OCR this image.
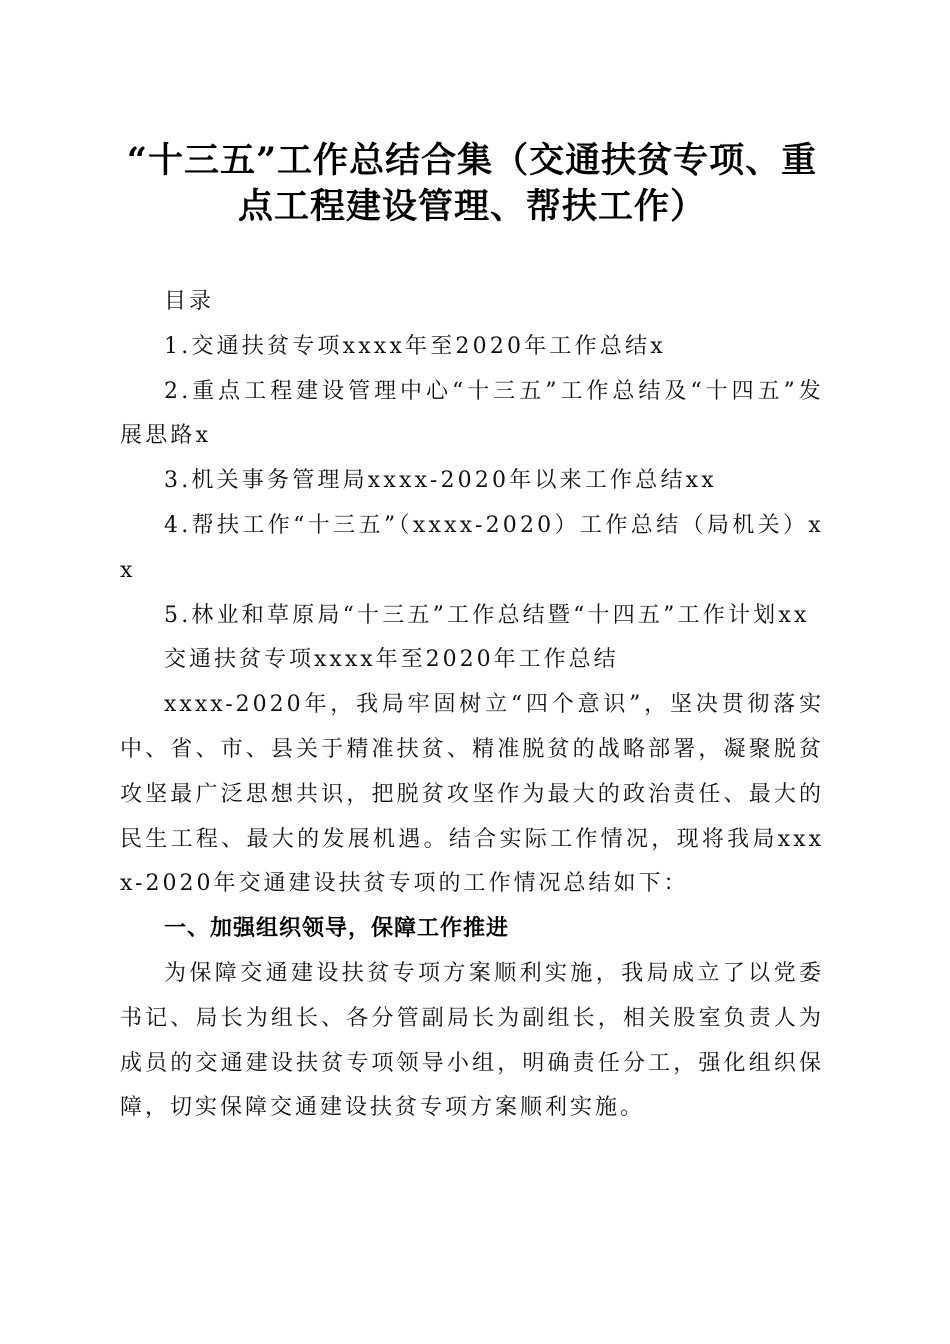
“十三五”工作总结合集（交通扶贫专项、重
点工程建设管理、帮扶工作）

目录

1.交通扶贫专项xxxx年至2020年工作总结x

2.重点工程建设管理中心“十三五”工作总结及“十四五”发展思路x

3.机关事务管理局xxxx-2020年以来工作总结xx

4.帮扶工作“十三五”（xxxx-2020）工作总结（局机关）xx

5.林业和草原局“十三五”工作总结暨“十四五”工作计划xx

交通扶贫专项xxxx年至2020年工作总结

xxxx-2020年，我局牢固树立“四个意识”，坚决贯彻落实中、省、市、县关于精准扶贫、精准脱贫的战略部署，凝聚脱贫攻坚最广泛思想共识，把脱贫攻坚作为最大的政治责任、最大的民生工程、最大的发展机遇。结合实际工作情况，现将我局xxxx-2020年交通建设扶贫专项的工作情况总结如下：

一、加强组织领导，保障工作推进

为保障交通建设扶贫专项方案顺利实施，我局成立了以党委书记、局长为组长、各分管副局长为副组长，相关股室负责人为成员的交通建设扶贫专项领导小组，明确责任分工，强化组织保障，切实保障交通建设扶贫专项方案顺利实施。
